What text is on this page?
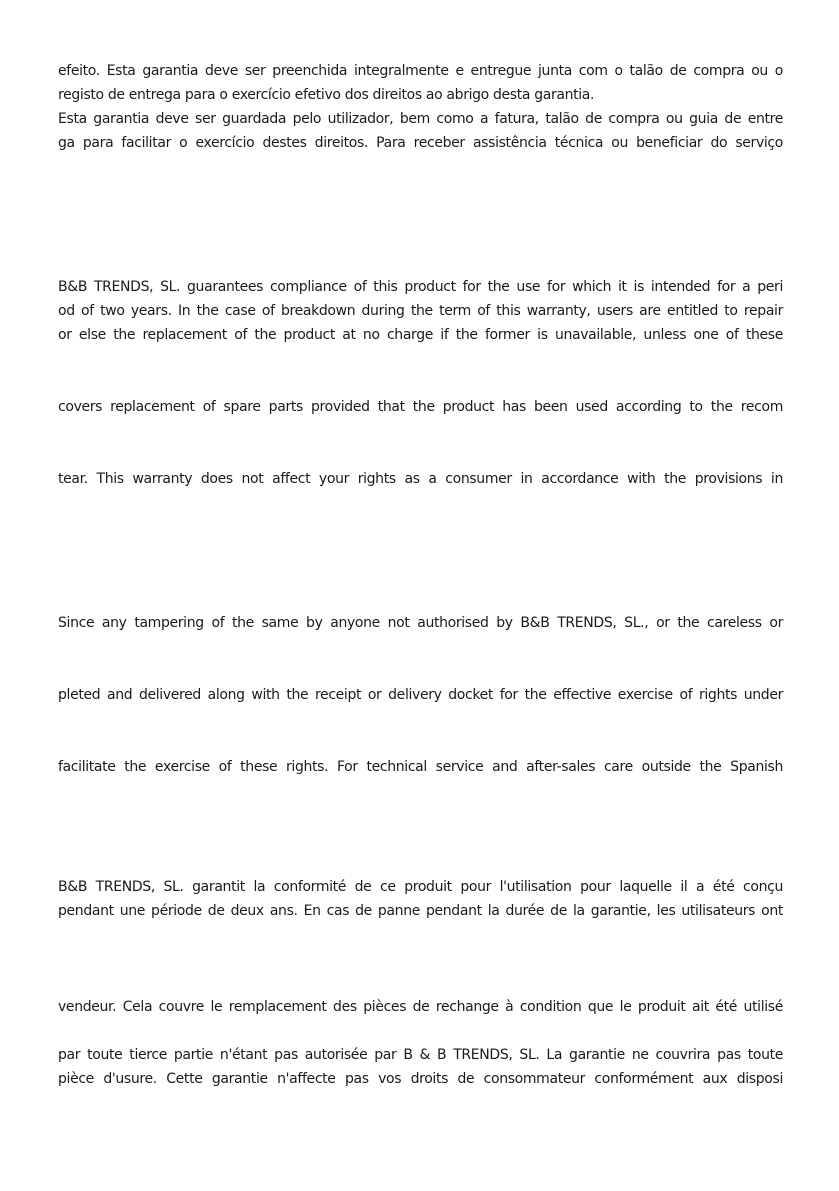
efeito. Esta garantia deve ser preenchida integralmente e entregue junta com o talão de compra ou o
registo de entrega para o exercício efetivo dos direitos ao abrigo desta garantia.
Esta garantia deve ser guardada pelo utilizador, bem como a fatura, talão de compra ou guia de entre
ga para facilitar o exercício destes direitos. Para receber assistência técnica ou beneficiar do serviço
B&B TRENDS, SL. guarantees compliance of this product for the use for which it is intended for a peri
od of two years. In the case of breakdown during the term of this warranty, users are entitled to repair
or else the replacement of the product at no charge if the former is unavailable, unless one of these
covers replacement of spare parts provided that the product has been used according to the recom
tear. This warranty does not affect your rights as a consumer in accordance with the provisions in
Since any tampering of the same by anyone not authorised by B&B TRENDS, SL., or the careless or
pleted and delivered along with the receipt or delivery docket for the effective exercise of rights under
facilitate the exercise of these rights. For technical service and after-sales care outside the Spanish
B&B TRENDS, SL. garantit la conformité de ce produit pour l'utilisation pour laquelle il a été conçu
pendant une période de deux ans. En cas de panne pendant la durée de la garantie, les utilisateurs ont
vendeur. Cela couvre le remplacement des pièces de rechange à condition que le produit ait été utilisé
par toute tierce partie n'étant pas autorisée par B & B TRENDS, SL. La garantie ne couvrira pas toute
pièce d'usure. Cette garantie n'affecte pas vos droits de consommateur conformément aux disposi
